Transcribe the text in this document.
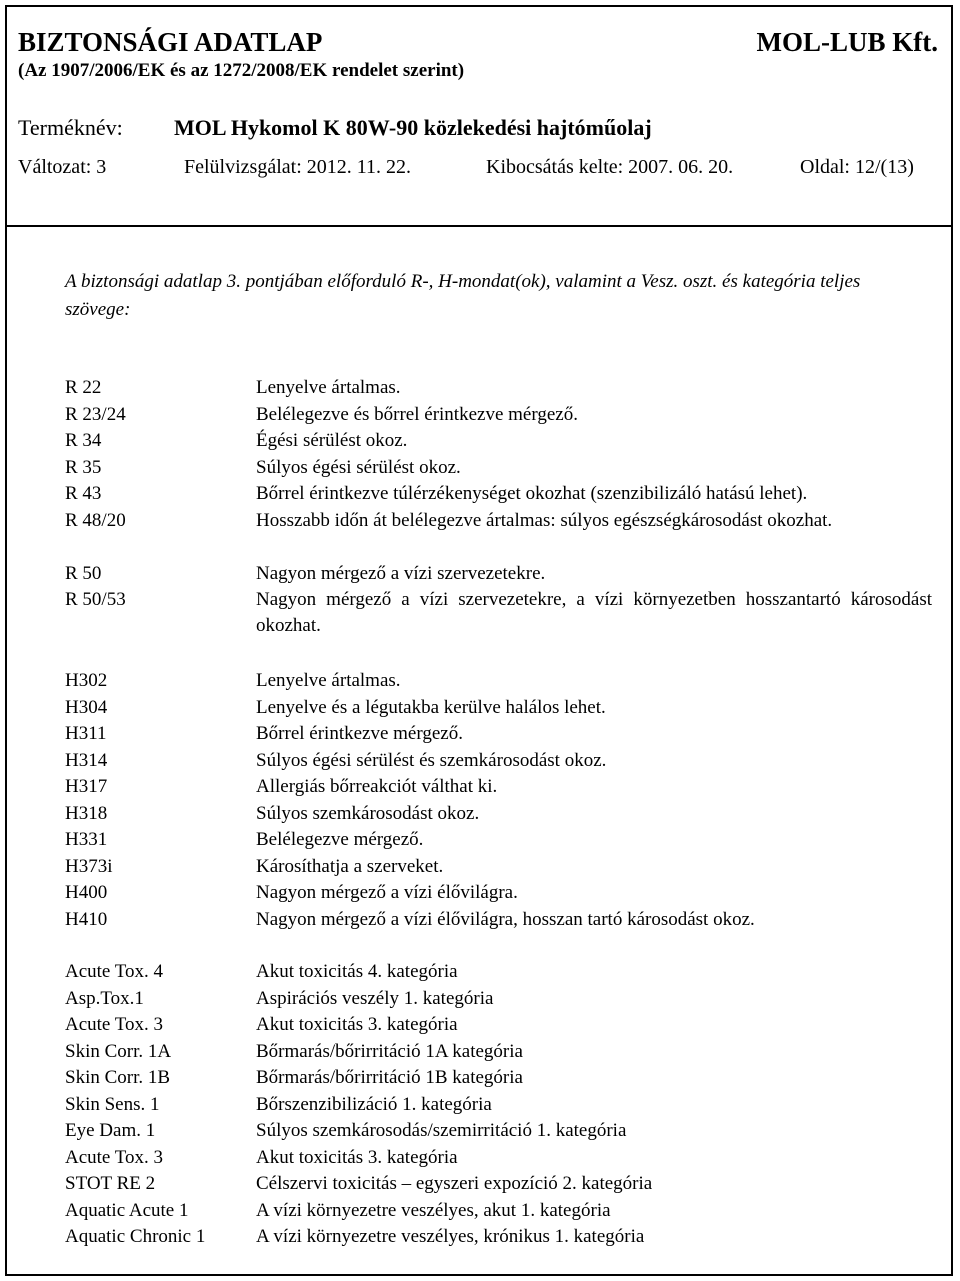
BIZTONSÁGI ADATLAP	MOL-LUB Kft.
(Az 1907/2006/EK és az 1272/2008/EK rendelet szerint)
Terméknév:	MOL Hykomol K 80W-90 közlekedési hajtóműolaj
Változat: 3	Felülvizsgálat: 2012. 11. 22.	Kibocsátás kelte: 2007. 06. 20.	Oldal: 12/(13)
A biztonsági adatlap 3. pontjában előforduló R-, H-mondat(ok), valamint a Vesz. oszt. és kategória teljes szövege:
R 22	Lenyelve ártalmas.
R 23/24	Belélegezve és bőrrel érintkezve mérgező.
R 34	Égési sérülést okoz.
R 35	Súlyos égési sérülést okoz.
R 43	Bőrrel érintkezve túlérzékenységet okozhat (szenzibilizáló hatású lehet).
R 48/20	Hosszabb időn át belélegezve ártalmas: súlyos egészségkárosodást okozhat.
R 50	Nagyon mérgező a vízi szervezetekre.
R 50/53	Nagyon mérgező a vízi szervezetekre, a vízi környezetben hosszantartó károsodást okozhat.
H302	Lenyelve ártalmas.
H304	Lenyelve és a légutakba kerülve halálos lehet.
H311	Bőrrel érintkezve mérgező.
H314	Súlyos égési sérülést és szemkárosodást okoz.
H317	Allergiás bőrreakciót válthat ki.
H318	Súlyos szemkárosodást okoz.
H331	Belélegezve mérgező.
H373i	Károsíthatja a szerveket.
H400	Nagyon mérgező a vízi élővilágra.
H410	Nagyon mérgező a vízi élővilágra, hosszan tartó károsodást okoz.
Acute Tox. 4	Akut toxicitás 4. kategória
Asp.Tox.1	Aspirációs veszély 1. kategória
Acute Tox. 3	Akut toxicitás 3. kategória
Skin Corr. 1A	Bőrmarás/bőrirritáció 1A kategória
Skin Corr. 1B	Bőrmarás/bőrirritáció 1B kategória
Skin Sens. 1	Bőrszenzibilizáció 1. kategória
Eye Dam. 1	Súlyos szemkárosodás/szemirritáció 1. kategória
Acute Tox. 3	Akut toxicitás 3. kategória
STOT RE 2	Célszervi toxicitás – egyszeri expozíció 2. kategória
Aquatic Acute 1	A vízi környezetre veszélyes, akut 1. kategória
Aquatic Chronic 1	A vízi környezetre veszélyes, krónikus 1. kategória
